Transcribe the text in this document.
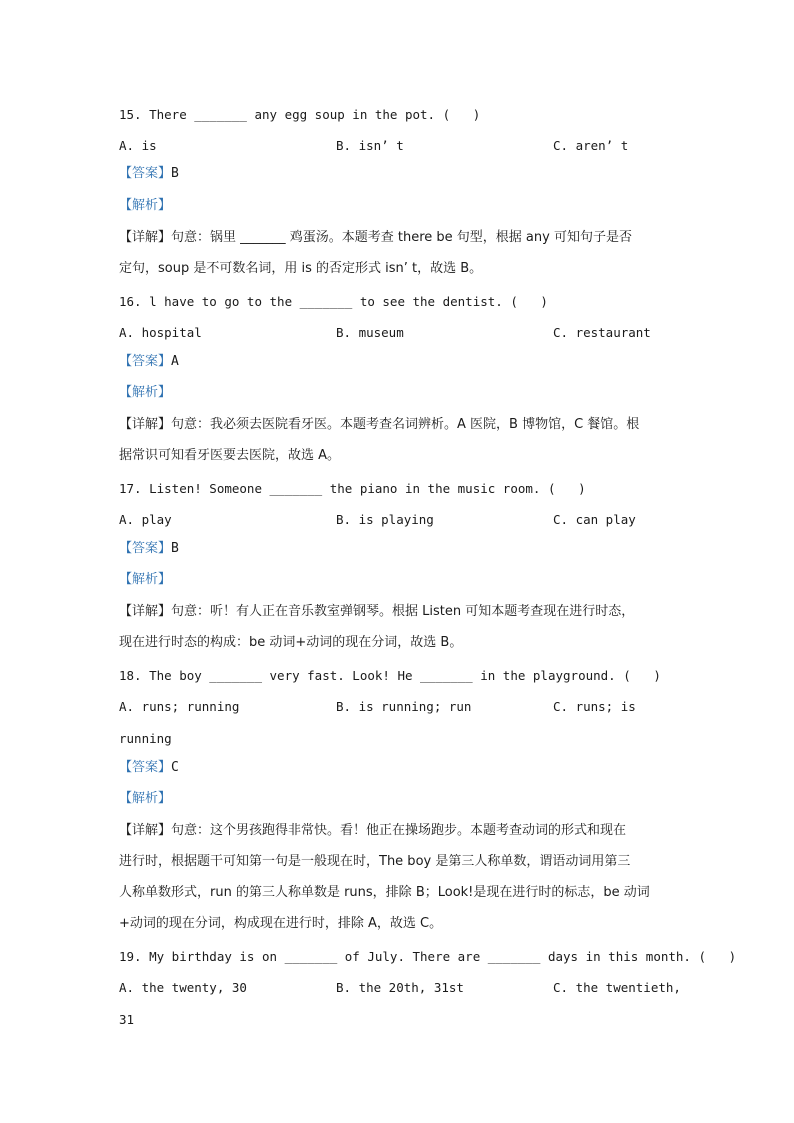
15. There _______ any egg soup in the pot. (   )
A. is	B. isn’ t	C. aren’ t
【答案】B
【解析】
【详解】句意：锅里 _______ 鸡蛋汤。本题考查 there be 句型，根据 any 可知句子是否
定句，soup 是不可数名词，用 is 的否定形式 isn’ t，故选 B。
16. l have to go to the _______ to see the dentist. (   )
A. hospital	B. museum	C. restaurant
【答案】A
【解析】
【详解】句意：我必须去医院看牙医。本题考查名词辨析。A 医院，B 博物馆，C 餐馆。根
据常识可知看牙医要去医院，故选 A。
17. Listen! Someone _______ the piano in the music room. (   )
A. play	B. is playing	C. can play
【答案】B
【解析】
【详解】句意：听！有人正在音乐教室弹钢琴。根据 Listen 可知本题考查现在进行时态，
现在进行时态的构成：be 动词+动词的现在分词，故选 B。
18. The boy _______ very fast. Look! He _______ in the playground. (   )
A. runs; running	B. is running; run	C. runs; is
running
【答案】C
【解析】
【详解】句意：这个男孩跑得非常快。看！他正在操场跑步。本题考查动词的形式和现在
进行时，根据题干可知第一句是一般现在时，The boy 是第三人称单数，谓语动词用第三
人称单数形式，run 的第三人称单数是 runs，排除 B；Look!是现在进行时的标志，be 动词
+动词的现在分词，构成现在进行时，排除 A，故选 C。
19. My birthday is on _______ of July. There are _______ days in this month. (   )
A. the twenty, 30	B. the 20th, 31st	C. the twentieth,
31
